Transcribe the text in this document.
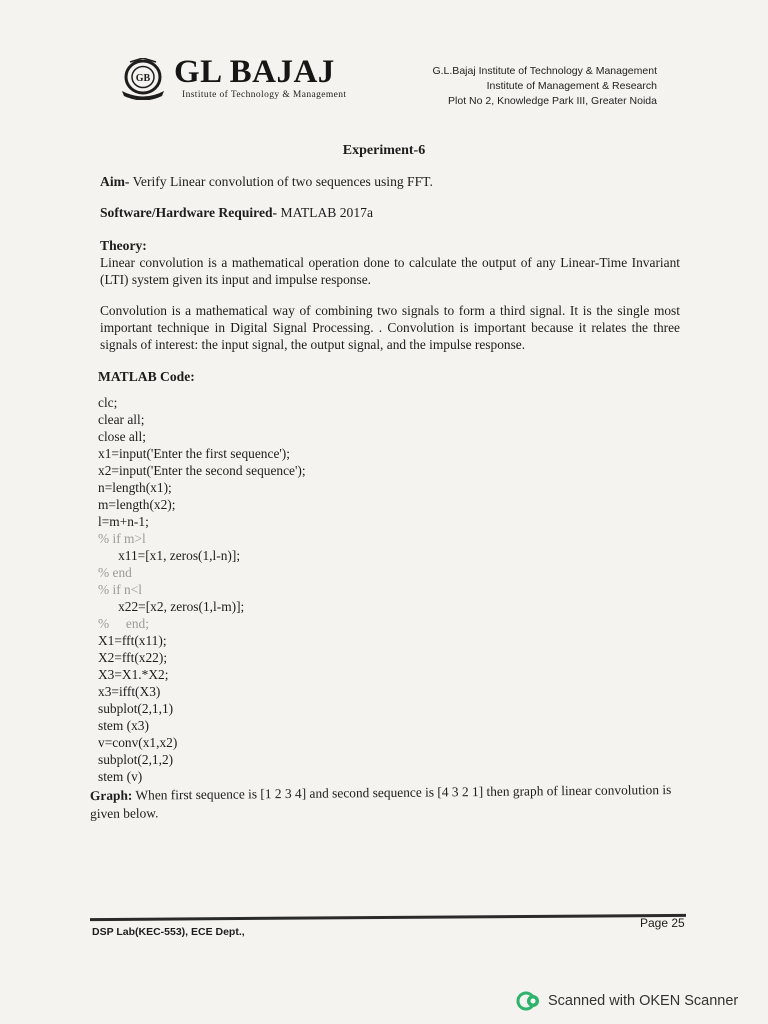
GB GL BAJAJ
Institute of Technology & Management
G.L.Bajaj Institute of Technology & Management
Institute of Management & Research
Plot No 2, Knowledge Park III, Greater Noida
Experiment-6
Aim- Verify Linear convolution of two sequences using FFT.
Software/Hardware Required- MATLAB 2017a
Theory:
Linear convolution is a mathematical operation done to calculate the output of any Linear-Time Invariant (LTI) system given its input and impulse response.
Convolution is a mathematical way of combining two signals to form a third signal. It is the single most important technique in Digital Signal Processing. . Convolution is important because it relates the three signals of interest: the input signal, the output signal, and the impulse response.
MATLAB Code:
clc;
clear all;
close all;
x1=input('Enter the first sequence');
x2=input('Enter the second sequence');
n=length(x1);
m=length(x2);
l=m+n-1;
% if m>l
x11=[x1, zeros(1,l-n)];
% end
% if n<l
x22=[x2, zeros(1,l-m)];
%     end;
X1=fft(x11);
X2=fft(x22);
X3=X1.*X2;
x3=ifft(X3)
subplot(2,1,1)
stem (x3)
v=conv(x1,x2)
subplot(2,1,2)
stem (v)
Graph: When first sequence is [1 2 3 4] and second sequence is [4 3 2 1] then graph of linear convolution is given below.
DSP Lab(KEC-553), ECE Dept.,
Page 25
Scanned with OKEN Scanner
